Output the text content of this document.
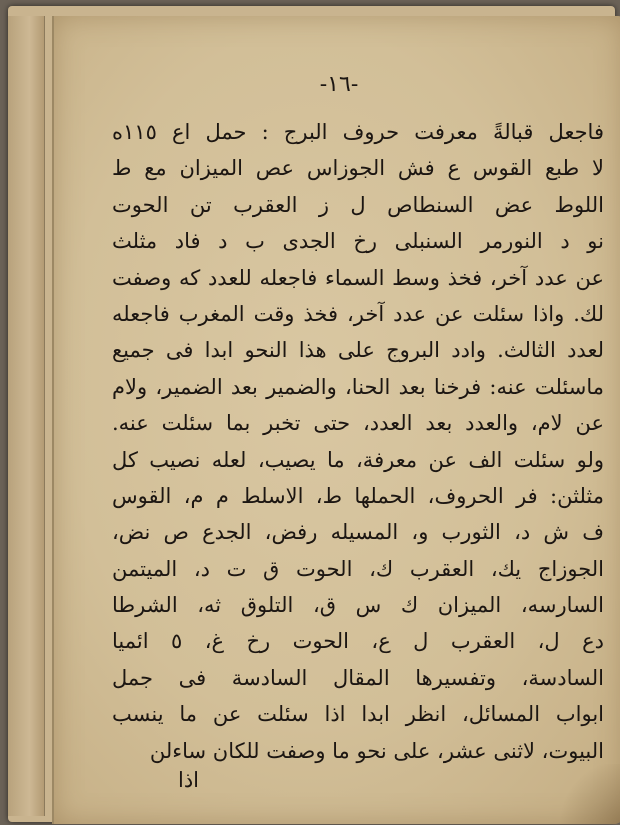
-١٦-
فاجعل قبالةً معرفت حروف البرج : حمل اع ١١٥ه
لا طبع القوس ع فش الجوزاس عص الميزان مع ط
اللوط عض السنطاص ل ز العقرب تن الحوت
نو د النورمر السنبلى رخ الجدى ب د فاد مثلث
عن عدد آخر، فخذ وسط السماء فاجعله للعدد كه وصفت
لك. واذا سئلت عن عدد آخر، فخذ وقت المغرب فاجعله
لعدد الثالث. وادد البروج على هذا النحو ابدا فى جميع
ماسئلت عنه: فرخنا بعد الحنا، والضمير بعد الضمير، ولام
عن لام، والعدد بعد العدد، حتى تخبر بما سئلت عنه.
ولو سئلت الف عن معرفة، ما يصيب، لعله نصيب كل
مثلثن: فر الحروف، الحملها ط، الاسلط م م، القوس
ف ش د، الثورب و، المسيله رفض، الجدع ص نض،
الجوزاج يك، العقرب ك، الحوت ق ت د، الميتمن
السارسه، الميزان ك س ق، التلوق ثه، الشرطا
دع ل، العقرب ل ع، الحوت رخ غ، ٥ ائميا
السادسة، وتفسيرها المقال السادسة فى جمل
ابواب المسائل، انظر ابدا اذا سئلت عن ما ينسب
البيوت، لاثنى عشر، على نحو ما وصفت للكان ساءلن
اذا
